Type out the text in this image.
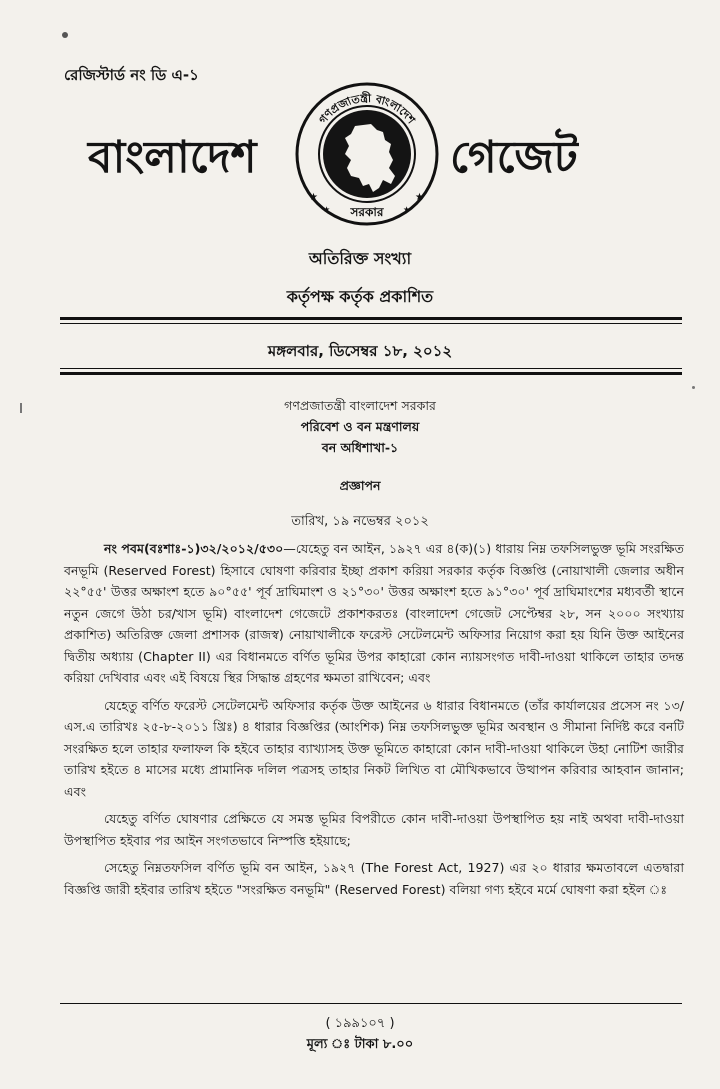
রেজিস্টার্ড নং ডি এ-১
বাংলাদেশ	গেজেট
★	★
★	★
গণপ্রজাতন্ত্রী বাংলাদেশ
সরকার
অতিরিক্ত সংখ্যা
কর্তৃপক্ষ কর্তৃক প্রকাশিত
মঙ্গলবার, ডিসেম্বর ১৮, ২০১২
গণপ্রজাতন্ত্রী বাংলাদেশ সরকার
পরিবেশ ও বন মন্ত্রণালয়
বন অধিশাখা-১
প্রজ্ঞাপন
তারিখ, ১৯ নভেম্বর ২০১২

নং পবম(বঃশাঃ-১)৩২/২০১২/৫৩০—যেহেতু বন আইন, ১৯২৭ এর ৪(ক)(১) ধারায় নিম্ন তফসিলভুক্ত ভূমি সংরক্ষিত বনভূমি (Reserved Forest) হিসাবে ঘোষণা করিবার ইচ্ছা প্রকাশ করিয়া সরকার কর্তৃক বিজ্ঞপ্তি (নোয়াখালী জেলার অধীন ২২°৫৫' উত্তর অক্ষাংশ হতে ৯০°৫৫' পূর্ব দ্রাঘিমাংশ ও ২১°৩০' উত্তর অক্ষাংশ হতে ৯১°৩০' পূর্ব দ্রাঘিমাংশের মধ্যবর্তী স্থানে নতুন জেগে উঠা চর/খাস ভূমি) বাংলাদেশ গেজেটে প্রকাশকরতঃ (বাংলাদেশ গেজেট সেপ্টেম্বর ২৮, সন ২০০০ সংখ্যায় প্রকাশিত) অতিরিক্ত জেলা প্রশাসক (রাজস্ব) নোয়াখালীকে ফরেস্ট সেটেলমেন্ট অফিসার নিয়োগ করা হয় যিনি উক্ত আইনের দ্বিতীয় অধ্যায় (Chapter II) এর বিধানমতে বর্ণিত ভূমির উপর কাহারো কোন ন্যায়সংগত দাবী-দাওয়া থাকিলে তাহার তদন্ত করিয়া দেখিবার এবং এই বিষয়ে স্থির সিদ্ধান্ত গ্রহণের ক্ষমতা রাখিবেন; এবং

যেহেতু বর্ণিত ফরেস্ট সেটেলমেন্ট অফিসার কর্তৃক উক্ত আইনের ৬ ধারার বিধানমতে (তাঁর কার্যালয়ের প্রসেস নং ১৩/এস.এ তারিখঃ ২৫-৮-২০১১ খ্রিঃ) ৪ ধারার বিজ্ঞপ্তির (আংশিক) নিম্ন তফসিলভুক্ত ভূমির অবস্থান ও সীমানা নির্দিষ্ট করে বনটি সংরক্ষিত হলে তাহার ফলাফল কি হইবে তাহার ব্যাখ্যাসহ উক্ত ভূমিতে কাহারো কোন দাবী-দাওয়া থাকিলে উহা নোটিশ জারীর তারিখ হইতে ৪ মাসের মধ্যে প্রামানিক দলিল পত্রসহ তাহার নিকট লিখিত বা মৌখিকভাবে উত্থাপন করিবার আহবান জানান; এবং

যেহেতু বর্ণিত ঘোষণার প্রেক্ষিতে যে সমস্ত ভূমির বিপরীতে কোন দাবী-দাওয়া উপস্থাপিত হয় নাই অথবা দাবী-দাওয়া উপস্থাপিত হইবার পর আইন সংগতভাবে নিস্পত্তি হইয়াছে;

সেহেতু নিম্নতফসিল বর্ণিত ভূমি বন আইন, ১৯২৭ (The Forest Act, 1927) এর ২০ ধারার ক্ষমতাবলে এতদ্বারা বিজ্ঞপ্তি জারী হইবার তারিখ হইতে "সংরক্ষিত বনভূমি" (Reserved Forest) বলিয়া গণ্য হইবে মর্মে ঘোষণা করা হইল ঃ

( ১৯৯১০৭ )
মূল্য ঃ টাকা ৮.০০
